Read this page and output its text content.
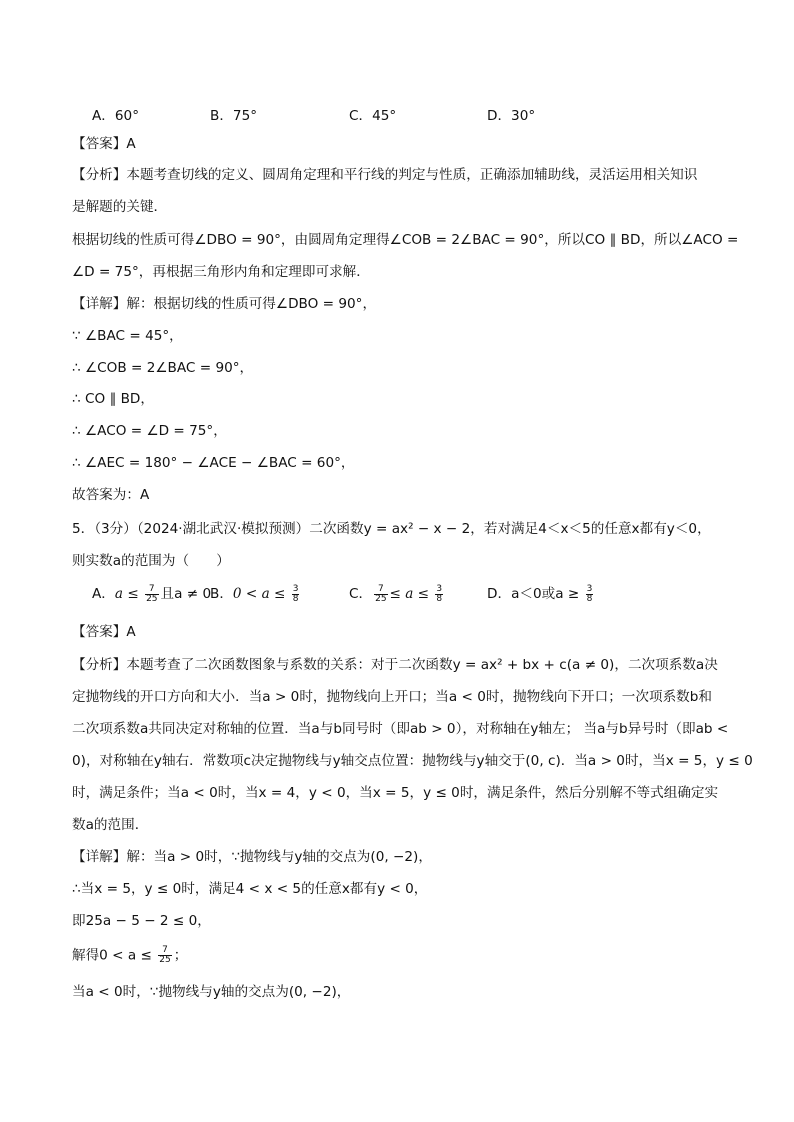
A．60°	B．75°	C．45°	D．30°
【答案】A
【分析】本题考查切线的定义、圆周角定理和平行线的判定与性质，正确添加辅助线，灵活运用相关知识
是解题的关键．
根据切线的性质可得∠DBO = 90°，由圆周角定理得∠COB = 2∠BAC = 90°，所以CO ∥ BD，所以∠ACO =
∠D = 75°，再根据三角形内角和定理即可求解．
【详解】解：根据切线的性质可得∠DBO = 90°，
∵ ∠BAC = 45°，
∴ ∠COB = 2∠BAC = 90°，
∴ CO ∥ BD，
∴ ∠ACO = ∠D = 75°，
∴ ∠AEC = 180° − ∠ACE − ∠BAC = 60°，
故答案为：A
5．（3分）（2024·湖北武汉·模拟预测）二次函数y = ax² − x − 2，若对满足4＜x＜5的任意x都有y＜0，
则实数a的范围为（　　）
A．$a \le \frac{7}{25}$ 且a ≠ 0
B．$0 < a \le \frac{3}{8}$	C． $\frac{7}{25} \le a \le \frac{3}{8}$	D．a＜0或$a \ge \frac{3}{8}$
【答案】A
【分析】本题考查了二次函数图象与系数的关系：对于二次函数y = ax² + bx + c(a ≠ 0)，二次项系数a决
定抛物线的开口方向和大小．当a > 0时，抛物线向上开口；当a < 0时，抛物线向下开口；一次项系数b和
二次项系数a共同决定对称轴的位置．当a与b同号时（即ab > 0），对称轴在y轴左； 当a与b异号时（即ab <
0)，对称轴在y轴右．常数项c决定抛物线与y轴交点位置：抛物线与y轴交于(0, c)．当a > 0时，当x = 5，y ≤ 0
时，满足条件；当a < 0时，当x = 4，y < 0，当x = 5，y ≤ 0时，满足条件，然后分别解不等式组确定实
数a的范围．
【详解】解：当a > 0时，∵抛物线与y轴的交点为(0, −2)，
∴当x = 5，y ≤ 0时，满足4 < x < 5的任意x都有y < 0，
即25a − 5 − 2 ≤ 0，
解得$0 < a \le \frac{7}{25}$ ；
当a < 0时，∵抛物线与y轴的交点为(0, −2)，
